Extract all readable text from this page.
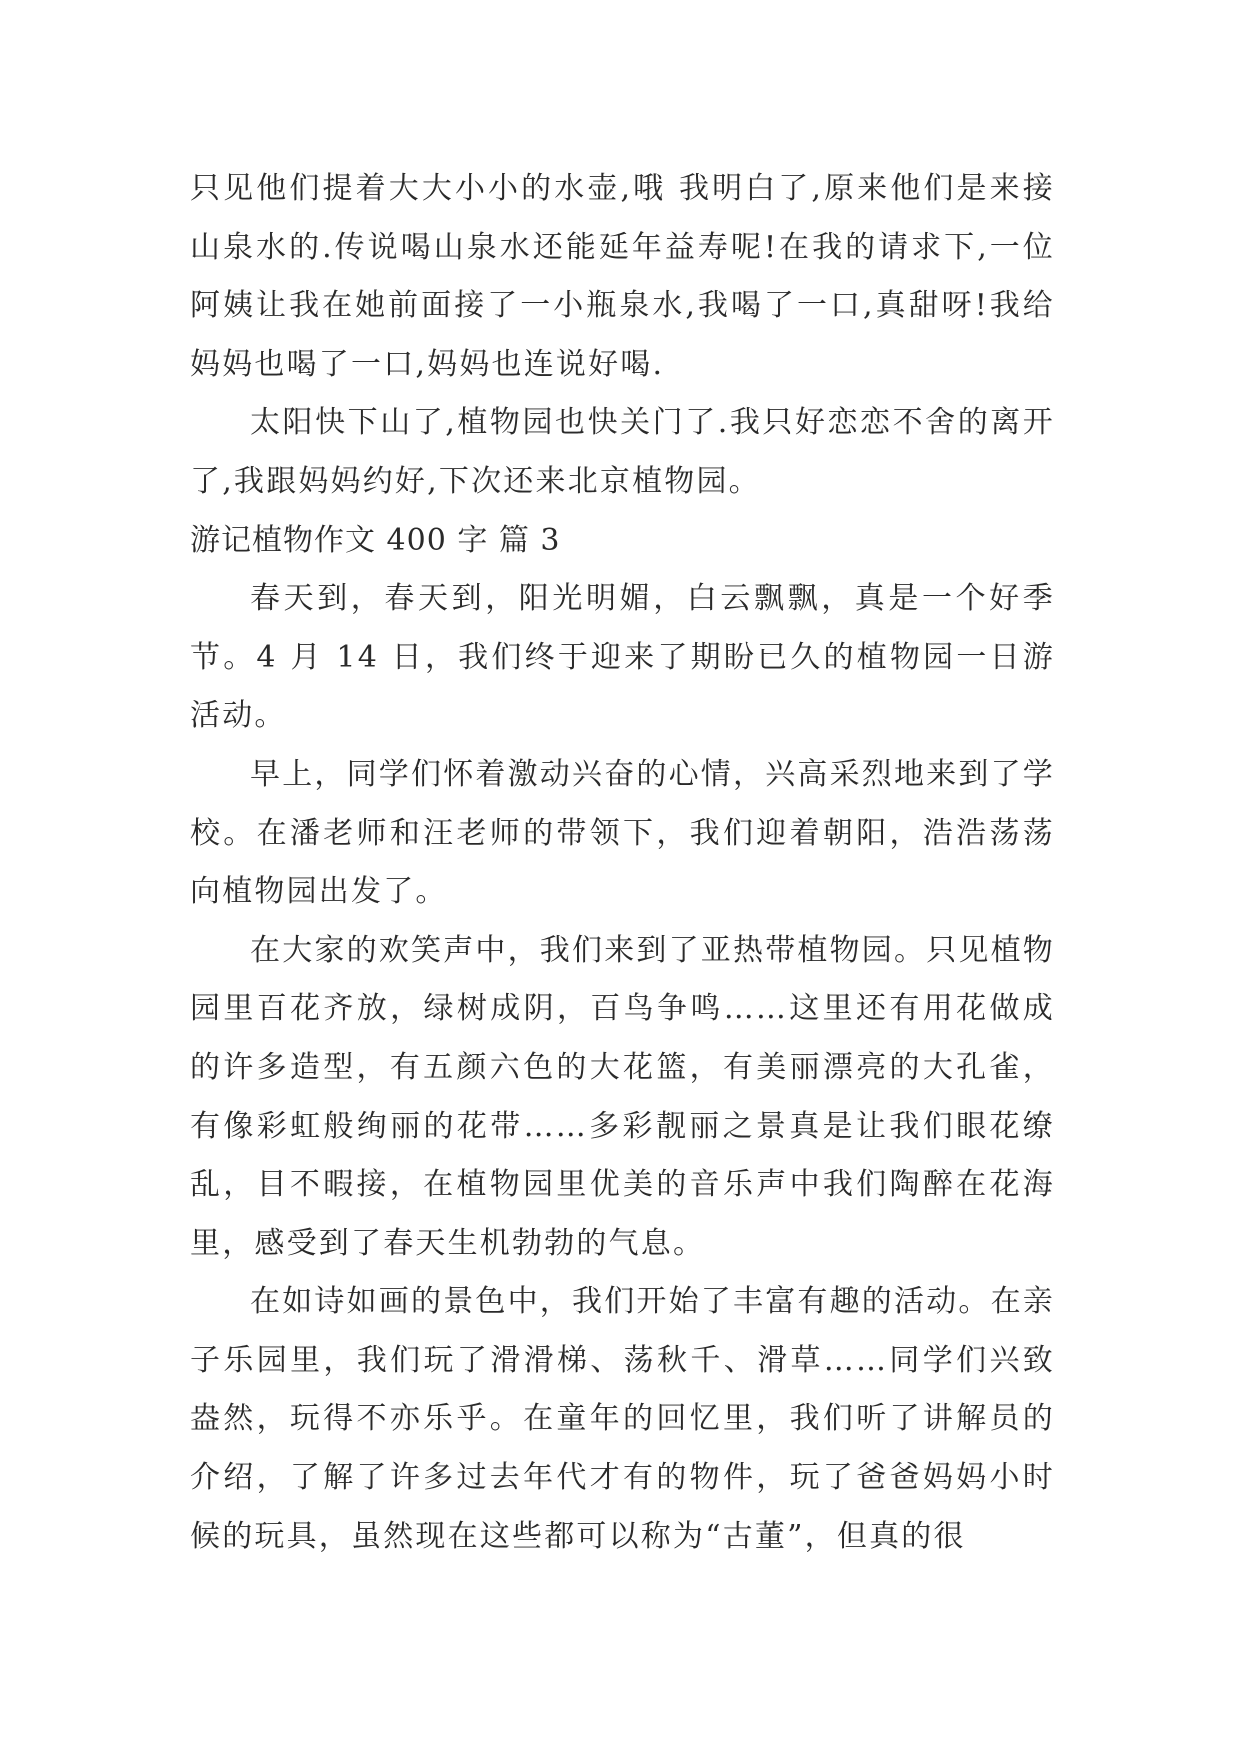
只见他们提着大大小小的水壶,哦 我明白了,原来他们是来接山泉水的.传说喝山泉水还能延年益寿呢!在我的请求下,一位阿姨让我在她前面接了一小瓶泉水,我喝了一口,真甜呀!我给妈妈也喝了一口,妈妈也连说好喝.

太阳快下山了,植物园也快关门了.我只好恋恋不舍的离开了,我跟妈妈约好,下次还来北京植物园。

游记植物作文 400 字 篇 3

春天到，春天到，阳光明媚，白云飘飘，真是一个好季节。4 月 14 日，我们终于迎来了期盼已久的植物园一日游活动。

早上，同学们怀着激动兴奋的心情，兴高采烈地来到了学校。在潘老师和汪老师的带领下，我们迎着朝阳，浩浩荡荡向植物园出发了。

在大家的欢笑声中，我们来到了亚热带植物园。只见植物园里百花齐放，绿树成阴，百鸟争鸣……这里还有用花做成的许多造型，有五颜六色的大花篮，有美丽漂亮的大孔雀，有像彩虹般绚丽的花带……多彩靓丽之景真是让我们眼花缭乱，目不暇接，在植物园里优美的音乐声中我们陶醉在花海里，感受到了春天生机勃勃的气息。

在如诗如画的景色中，我们开始了丰富有趣的活动。在亲子乐园里，我们玩了滑滑梯、荡秋千、滑草……同学们兴致盎然，玩得不亦乐乎。在童年的回忆里，我们听了讲解员的介绍，了解了许多过去年代才有的物件，玩了爸爸妈妈小时候的玩具，虽然现在这些都可以称为“古董”，但真的很
